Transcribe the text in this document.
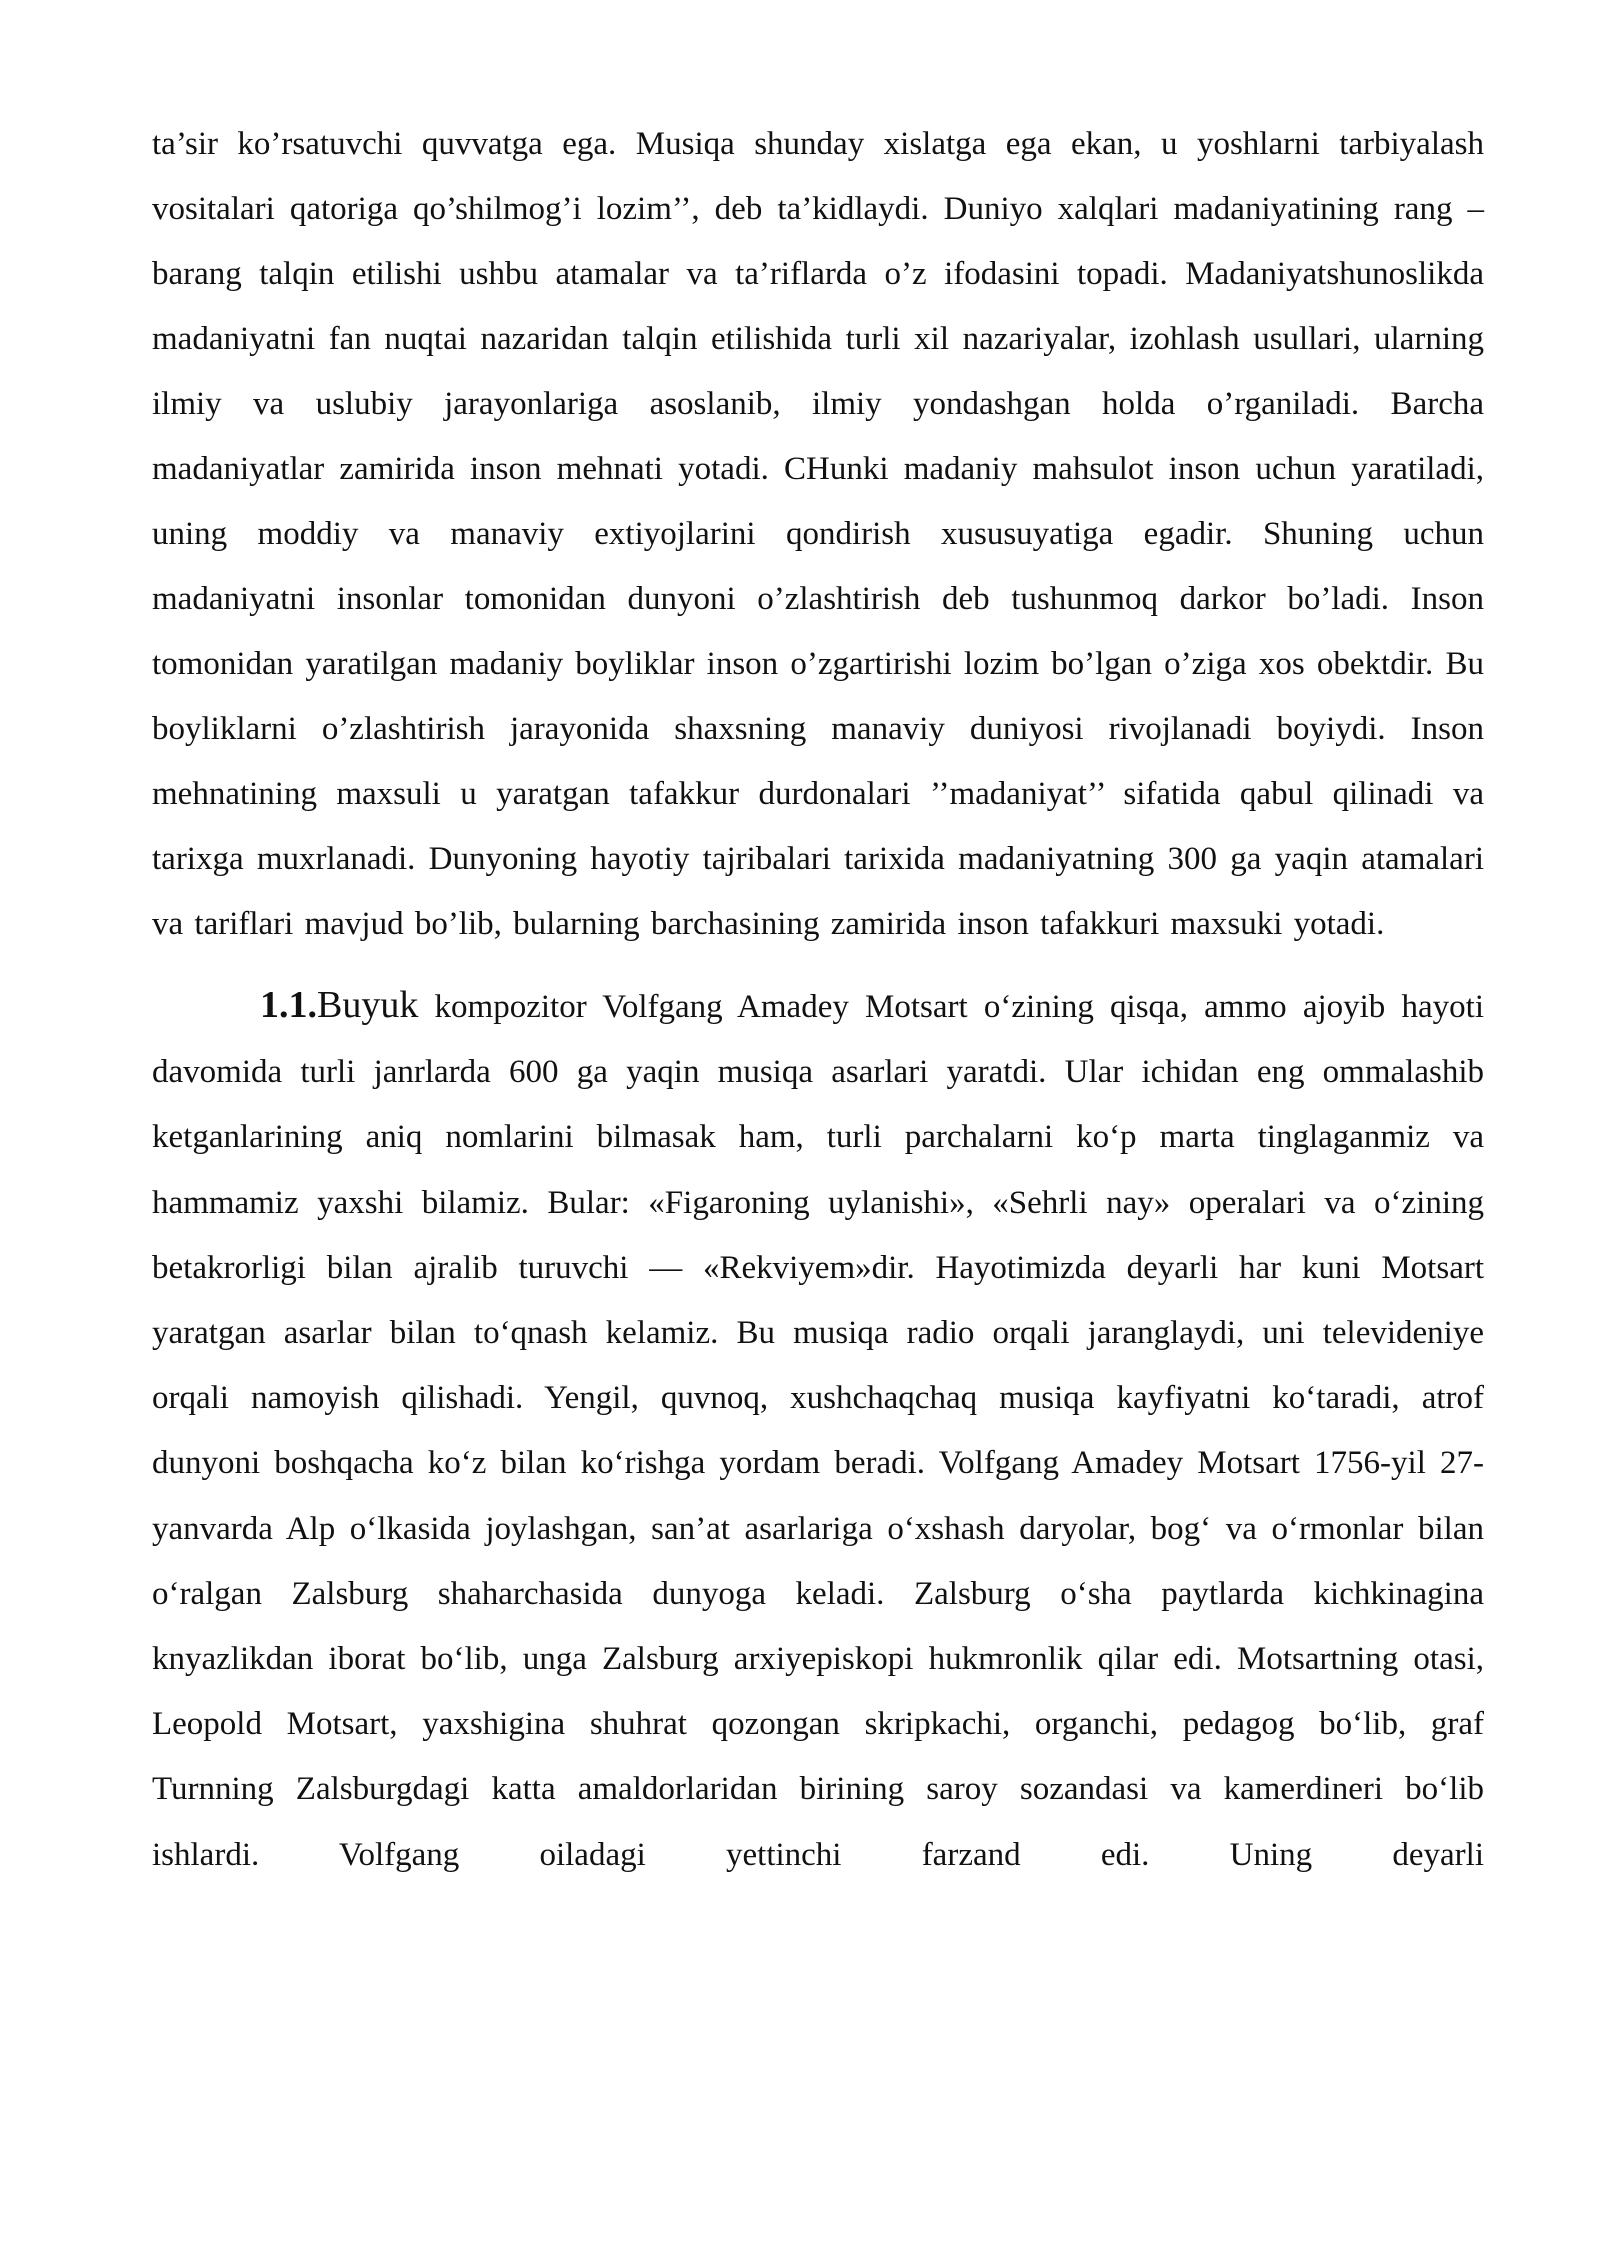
ta’sir ko’rsatuvchi quvvatga ega. Musiqa shunday xislatga ega ekan, u yoshlarni tarbiyalash vositalari qatoriga qo’shilmog’i lozim’’, deb ta’kidlaydi. Duniyo xalqlari madaniyatining rang – barang talqin etilishi ushbu atamalar va ta’riflarda o’z ifodasini topadi. Madaniyatshunoslikda madaniyatni fan nuqtai nazaridan talqin etilishida turli xil nazariyalar, izohlash usullari, ularning ilmiy va uslubiy jarayonlariga asoslanib, ilmiy yondashgan holda o’rganiladi. Barcha madaniyatlar zamirida inson mehnati yotadi. CHunki madaniy mahsulot inson uchun yaratiladi, uning moddiy va manaviy extiyojlarini qondirish xususuyatiga egadir. Shuning uchun madaniyatni insonlar tomonidan dunyoni o’zlashtirish deb tushunmoq darkor bo’ladi. Inson tomonidan yaratilgan madaniy boyliklar inson o’zgartirishi lozim bo’lgan o’ziga xos obektdir. Bu boyliklarni o’zlashtirish jarayonida shaxsning manaviy duniyosi rivojlanadi boyiydi. Inson mehnatining maxsuli u yaratgan tafakkur durdonalari ’’madaniyat’’ sifatida qabul qilinadi va tarixga muxrlanadi. Dunyoning hayotiy tajribalari tarixida madaniyatning 300 ga yaqin atamalari va tariflari mavjud bo’lib, bularning barchasining zamirida inson tafakkuri maxsuki yotadi.

1.1.Buyuk kompozitor Volfgang Amadey Motsart o‘zining qisqa, ammo ajoyib hayoti davomida turli janrlarda 600 ga yaqin musiqa asarlari yaratdi. Ular ichidan eng ommalashib ketganlarining aniq nomlarini bilmasak ham, turli parchalarni ko‘p marta tinglaganmiz va hammamiz yaxshi bilamiz. Bular: «Figaroning uylanishi», «Sehrli nay» operalari va o‘zining betakrorligi bilan ajralib turuvchi — «Rekviyem»dir. Hayotimizda deyarli har kuni Motsart yaratgan asarlar bilan to‘qnash kelamiz. Bu musiqa radio orqali jaranglaydi, uni televideniye orqali namoyish qilishadi. Yengil, quvnoq, xushchaqchaq musiqa kayfiyatni ko‘taradi, atrof dunyoni boshqacha ko‘z bilan ko‘rishga yordam beradi. Volfgang Amadey Motsart 1756-yil 27-yanvarda Alp o‘lkasida joylashgan, san’at asarlariga o‘xshash daryolar, bog‘ va o‘rmonlar bilan o‘ralgan Zalsburg shaharchasida dunyoga keladi. Zalsburg o‘sha paytlarda kichkinagina knyazlikdan iborat bo‘lib, unga Zalsburg arxiyepiskopi hukmronlik qilar edi. Motsartning otasi, Leopold Motsart, yaxshigina shuhrat qozongan skripkachi, organchi, pedagog bo‘lib, graf Turnning Zalsburgdagi katta amaldorlaridan birining saroy sozandasi va kamerdineri bo‘lib ishlardi. Volfgang oiladagi yettinchi farzand edi. Uning deyarli
